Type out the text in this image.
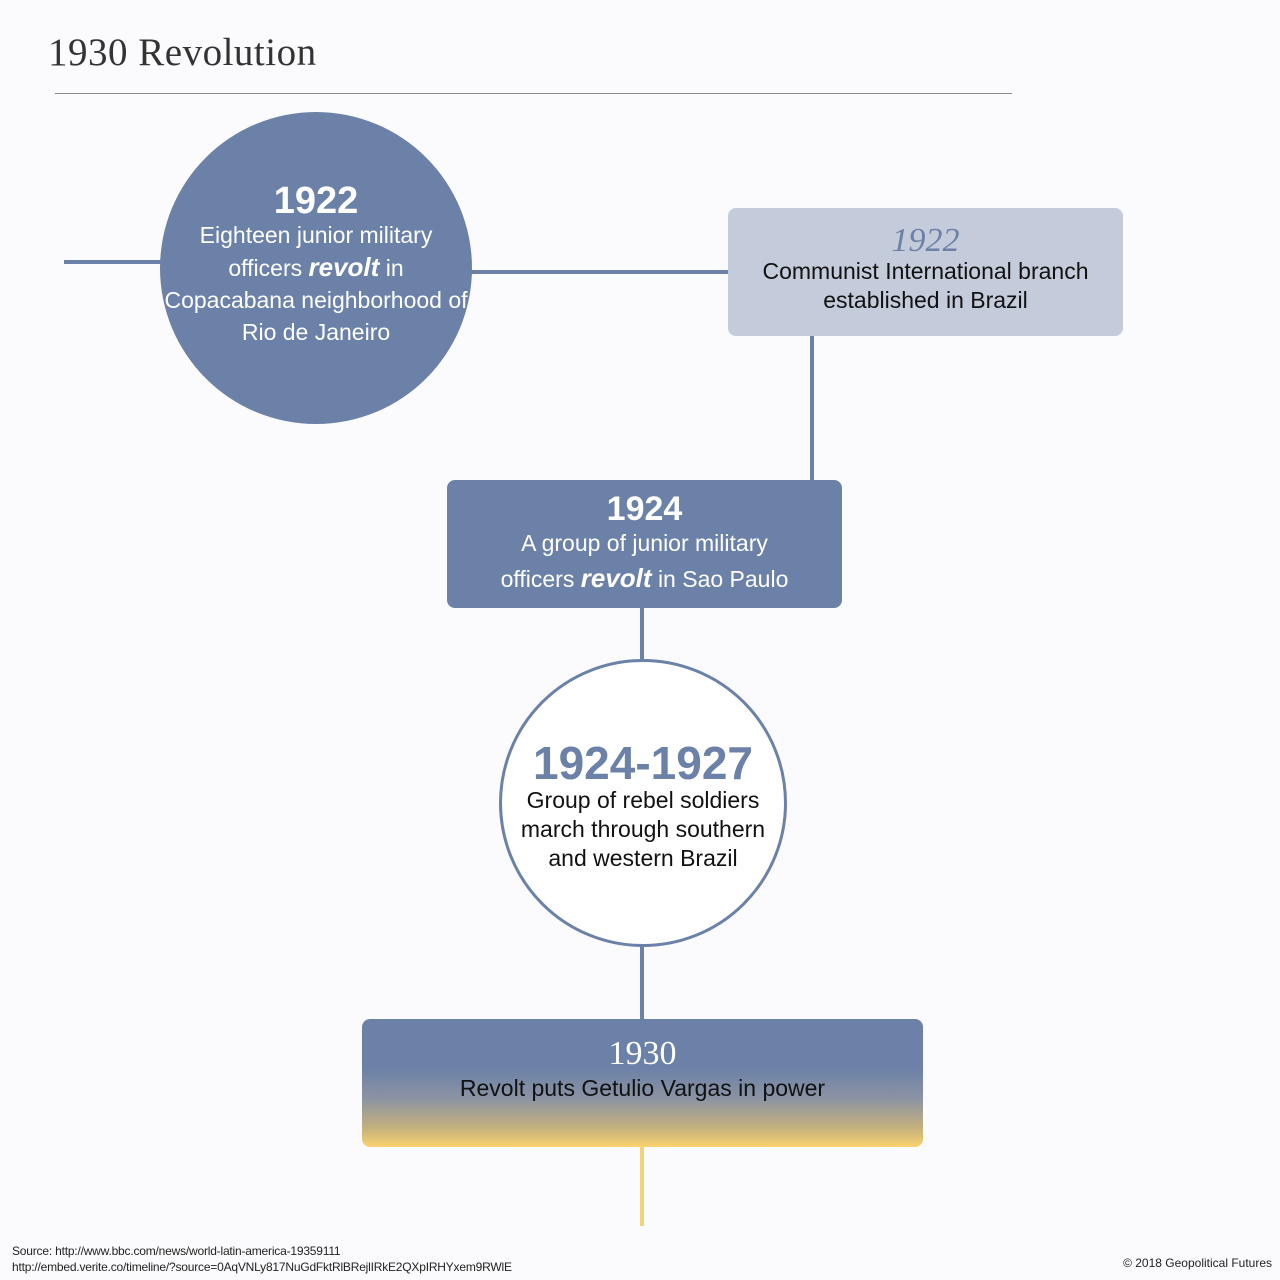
1930 Revolution
1922
Eighteen junior military officers revolt in Copacabana neighborhood of Rio de Janeiro
1922
Communist International branch
established in Brazil
1924
A group of junior military
officers revolt in Sao Paulo
1924-1927
Group of rebel soldiers
march through southern
and western Brazil
1930
Revolt puts Getulio Vargas in power
Source: http://www.bbc.com/news/world-latin-america-19359111
http://embed.verite.co/timeline/?source=0AqVNLy817NuGdFktRlBRejlIRkE2QXpIRHYxem9RWlE	© 2018 Geopolitical Futures
